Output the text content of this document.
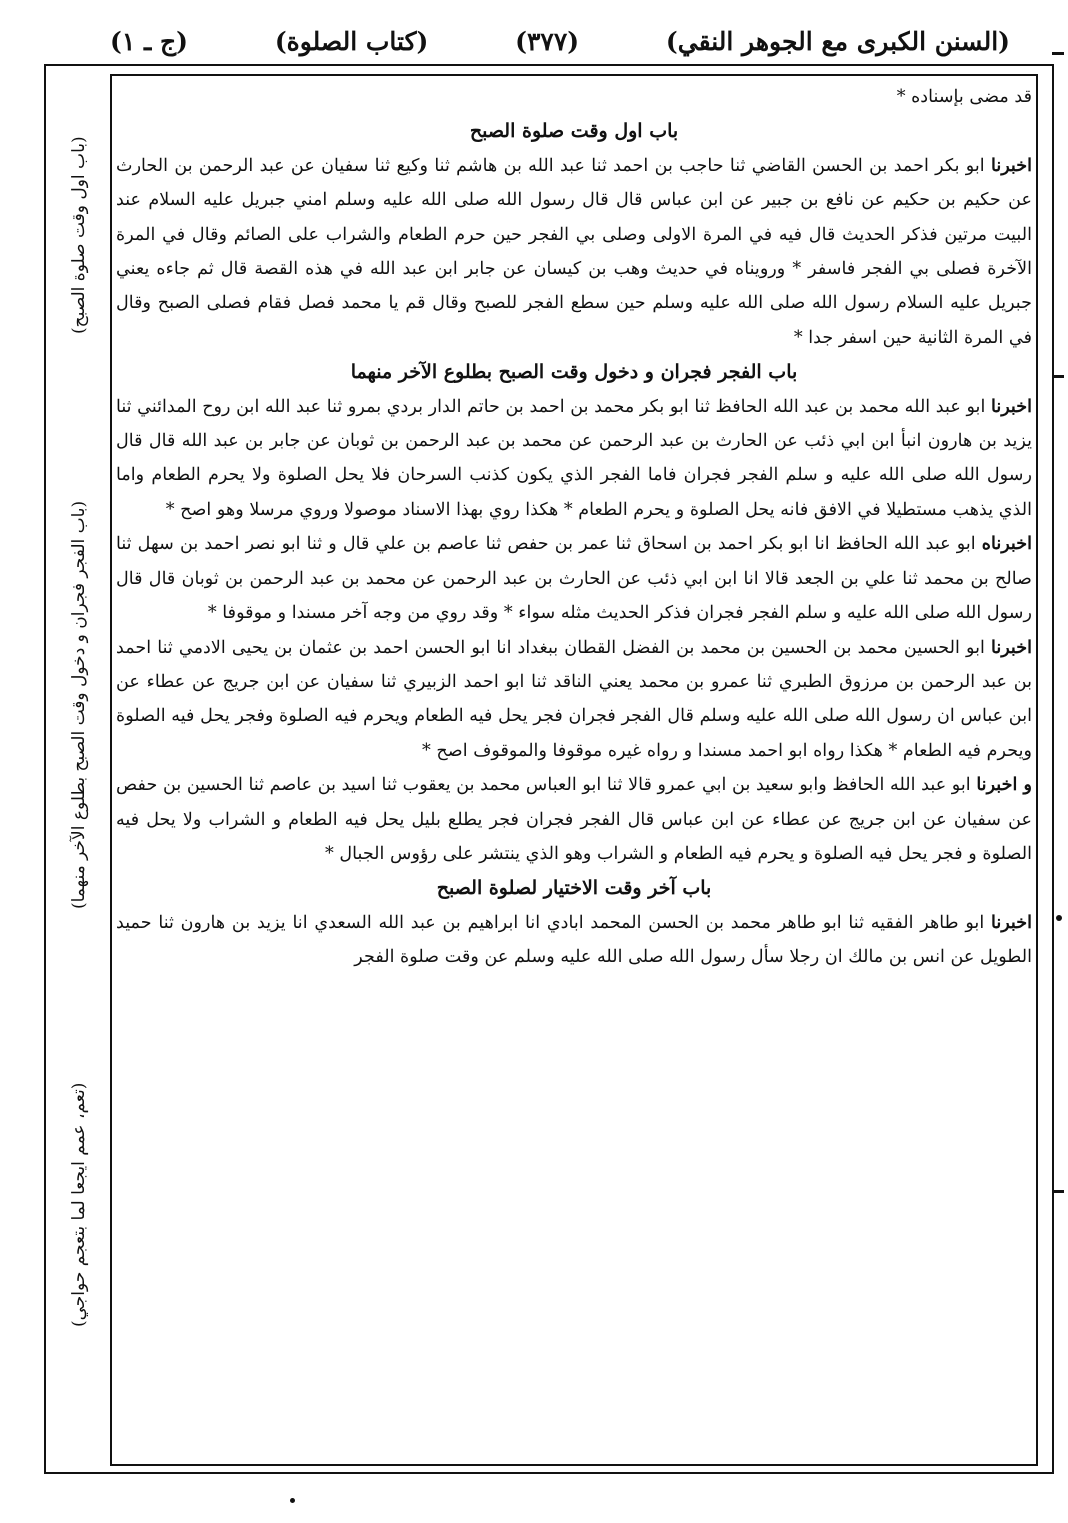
(السنن الكبرى مع الجوهر النقي)
(٣٧٧)
(كتاب الصلوة)
(ج ـ ١)

قد مضى بإسناده *

باب اول وقت صلوة الصبح

اخبرنا ابو بكر احمد بن الحسن القاضي ثنا حاجب بن احمد ثنا عبد الله بن هاشم ثنا وكيع ثنا سفيان عن عبد الرحمن بن الحارث عن حكيم بن حكيم عن نافع بن جبير عن ابن عباس قال قال رسول الله صلى الله عليه وسلم امني جبريل عليه السلام عند البيت مرتين فذكر الحديث قال فيه في المرة الاولى وصلى بي الفجر حين حرم الطعام والشراب على الصائم وقال في المرة الآخرة فصلى بي الفجر فاسفر * ورويناه في حديث وهب بن كيسان عن جابر ابن عبد الله في هذه القصة قال ثم جاءه يعني جبريل عليه السلام رسول الله صلى الله عليه وسلم حين سطع الفجر للصبح وقال قم يا محمد فصل فقام فصلى الصبح وقال في المرة الثانية حين اسفر جدا *

باب الفجر فجران و دخول وقت الصبح بطلوع الآخر منهما

اخبرنا ابو عبد الله محمد بن عبد الله الحافظ ثنا ابو بكر محمد بن احمد بن حاتم الدار بردي بمرو ثنا عبد الله ابن روح المدائني ثنا يزيد بن هارون انبأ ابن ابي ذئب عن الحارث بن عبد الرحمن عن محمد بن عبد الرحمن بن ثوبان عن جابر بن عبد الله قال قال رسول الله صلى الله عليه و سلم الفجر فجران فاما الفجر الذي يكون كذنب السرحان فلا يحل الصلوة ولا يحرم الطعام واما الذي يذهب مستطيلا في الافق فانه يحل الصلوة و يحرم الطعام * هكذا روي بهذا الاسناد موصولا وروي مرسلا وهو اصح *

اخبرناه ابو عبد الله الحافظ انا ابو بكر احمد بن اسحاق ثنا عمر بن حفص ثنا عاصم بن علي قال و ثنا ابو نصر احمد بن سهل ثنا صالح بن محمد ثنا علي بن الجعد قالا انا ابن ابي ذئب عن الحارث بن عبد الرحمن عن محمد بن عبد الرحمن بن ثوبان قال قال رسول الله صلى الله عليه و سلم الفجر فجران فذكر الحديث مثله سواء * وقد روي من وجه آخر مسندا و موقوفا *

اخبرنا ابو الحسين محمد بن الحسين بن محمد بن الفضل القطان ببغداد انا ابو الحسن احمد بن عثمان بن يحيى الادمي ثنا احمد بن عبد الرحمن بن مرزوق الطبري ثنا عمرو بن محمد يعني الناقد ثنا ابو احمد الزبيري ثنا سفيان عن ابن جريج عن عطاء عن ابن عباس ان رسول الله صلى الله عليه وسلم قال الفجر فجران فجر يحل فيه الطعام ويحرم فيه الصلوة وفجر يحل فيه الصلوة ويحرم فيه الطعام * هكذا رواه ابو احمد مسندا و رواه غيره موقوفا والموقوف اصح *

و اخبرنا ابو عبد الله الحافظ وابو سعيد بن ابي عمرو قالا ثنا ابو العباس محمد بن يعقوب ثنا اسيد بن عاصم ثنا الحسين بن حفص عن سفيان عن ابن جريج عن عطاء عن ابن عباس قال الفجر فجران فجر يطلع بليل يحل فيه الطعام و الشراب ولا يحل فيه الصلوة و فجر يحل فيه الصلوة و يحرم فيه الطعام و الشراب وهو الذي ينتشر على رؤوس الجبال *

باب آخر وقت الاختيار لصلوة الصبح

اخبرنا ابو طاهر الفقيه ثنا ابو طاهر محمد بن الحسن المحمد ابادي انا ابراهيم بن عبد الله السعدي انا يزيد بن هارون ثنا حميد الطويل عن انس بن مالك ان رجلا سأل رسول الله صلى الله عليه وسلم عن وقت صلوة الفجر

(باب اول وقت صلوة الصبح)
(باب الفجر فجران و دخول وقت الصبح بطلوع الآخر منهما)
(تعم، عمم ايجعا لما بتعجم حواجي)
